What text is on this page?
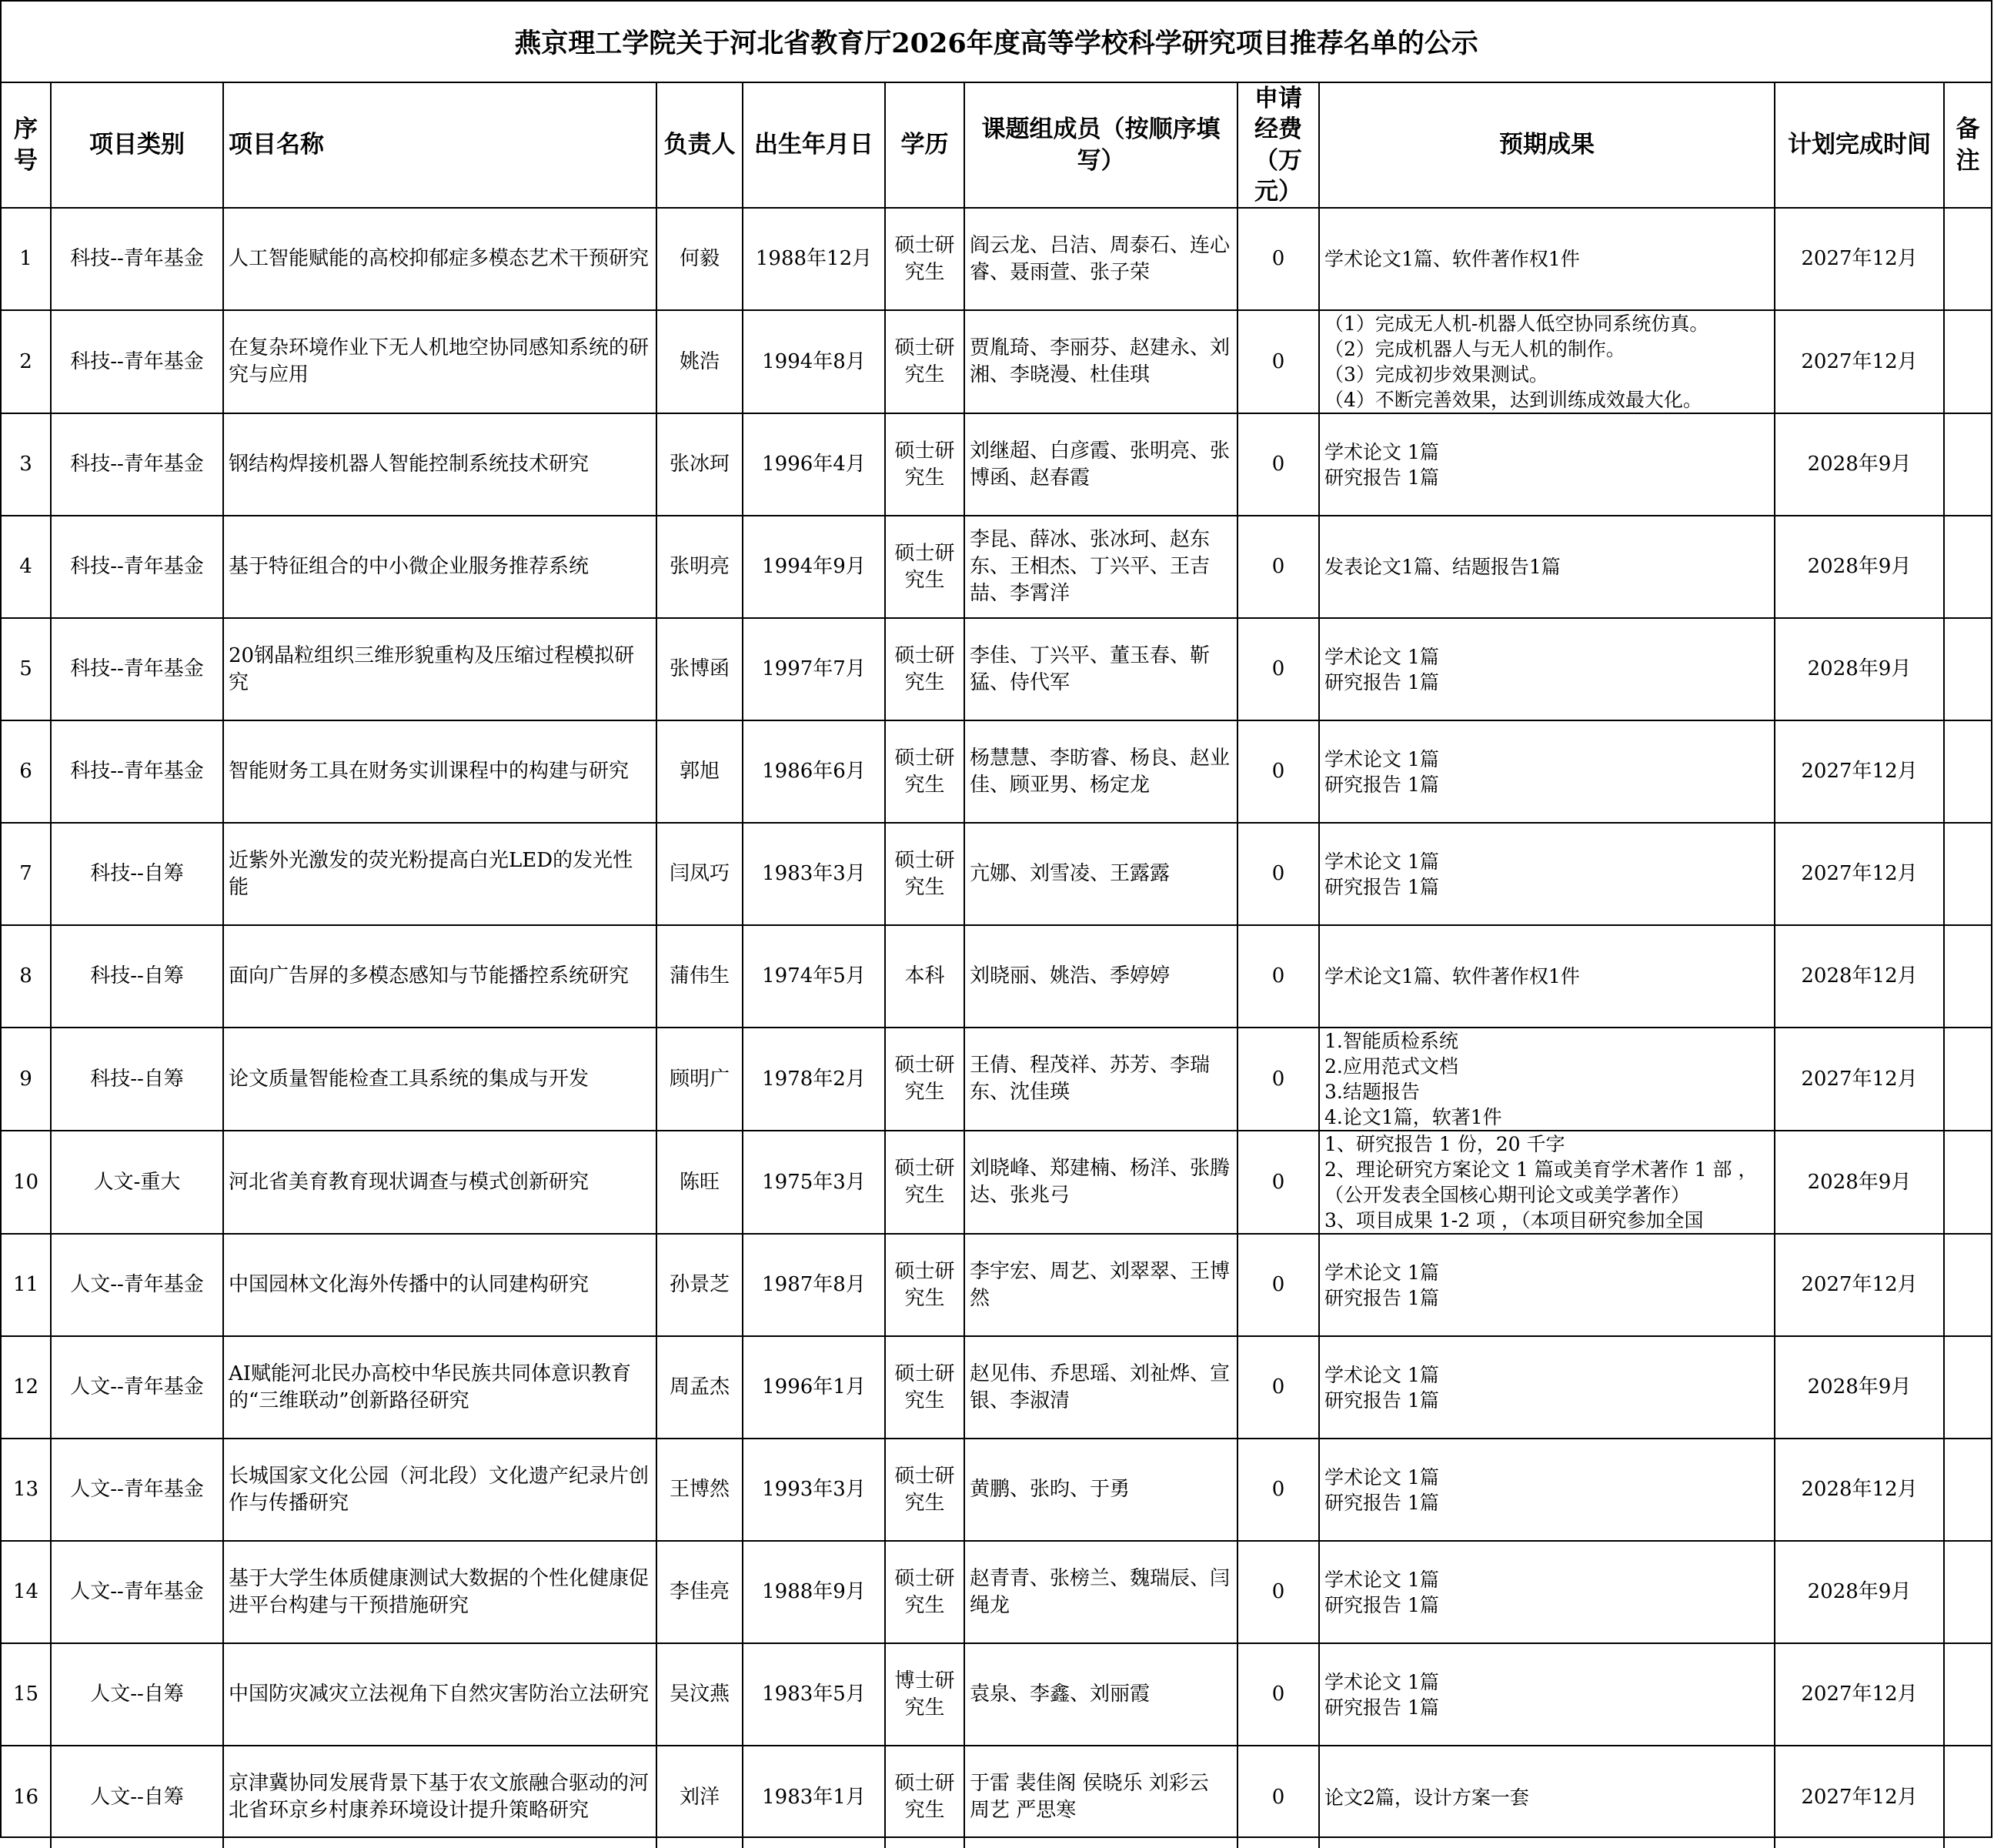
燕京理工学院关于河北省教育厅2026年度高等学校科学研究项目推荐名单的公示
序号	项目类别	项目名称	负责人	出生年月日	学历	课题组成员（按顺序填写）	申请经费（万元）	预期成果	计划完成时间	备注
1	科技--青年基金	人工智能赋能的高校抑郁症多模态艺术干预研究	何毅	1988年12月	硕士研究生	阎云龙、吕洁、周泰石、连心睿、聂雨萱、张子荣	0	学术论文1篇、软件著作权1件	2027年12月	
2	科技--青年基金	在复杂环境作业下无人机地空协同感知系统的研究与应用	姚浩	1994年8月	硕士研究生	贾胤琦、李丽芬、赵建永、刘湘、李晓漫、杜佳琪	0	（1）完成无人机-机器人低空协同系统仿真。
（2）完成机器人与无人机的制作。
（3）完成初步效果测试。
（4）不断完善效果，达到训练成效最大化。	2027年12月	
3	科技--青年基金	钢结构焊接机器人智能控制系统技术研究	张冰珂	1996年4月	硕士研究生	刘继超、白彦霞、张明亮、张博函、赵春霞	0	学术论文 1篇
研究报告 1篇	2028年9月	
4	科技--青年基金	基于特征组合的中小微企业服务推荐系统	张明亮	1994年9月	硕士研究生	李昆、薛冰、张冰珂、赵东东、王相杰、丁兴平、王吉喆、李霄洋	0	发表论文1篇、结题报告1篇	2028年9月	
5	科技--青年基金	20钢晶粒组织三维形貌重构及压缩过程模拟研究	张博函	1997年7月	硕士研究生	李佳、丁兴平、董玉春、靳猛、侍代军	0	学术论文 1篇
研究报告 1篇	2028年9月	
6	科技--青年基金	智能财务工具在财务实训课程中的构建与研究	郭旭	1986年6月	硕士研究生	杨慧慧、李昉睿、杨良、赵业佳、顾亚男、杨定龙	0	学术论文 1篇
研究报告 1篇	2027年12月	
7	科技--自筹	近紫外光激发的荧光粉提高白光LED的发光性能	闫凤巧	1983年3月	硕士研究生	亢娜、刘雪凌、王露露	0	学术论文 1篇
研究报告 1篇	2027年12月	
8	科技--自筹	面向广告屏的多模态感知与节能播控系统研究	蒲伟生	1974年5月	本科	刘晓丽、姚浩、季婷婷	0	学术论文1篇、软件著作权1件	2028年12月	
9	科技--自筹	论文质量智能检查工具系统的集成与开发	顾明广	1978年2月	硕士研究生	王倩、程茂祥、苏芳、李瑞东、沈佳瑛	0	1.智能质检系统
2.应用范式文档
3.结题报告
4.论文1篇，软著1件	2027年12月	
10	人文-重大	河北省美育教育现状调查与模式创新研究	陈旺	1975年3月	硕士研究生	刘晓峰、郑建楠、杨洋、张腾达、张兆弓	0	1、研究报告 1 份，20 千字
2、理论研究方案论文 1 篇或美育学术著作 1 部 ，（公开发表全国核心期刊论文或美学著作）
3、项目成果 1-2 项 ，（本项目研究参加全国	2028年9月	
11	人文--青年基金	中国园林文化海外传播中的认同建构研究	孙景芝	1987年8月	硕士研究生	李宇宏、周艺、刘翠翠、王博然	0	学术论文 1篇
研究报告 1篇	2027年12月	
12	人文--青年基金	AI赋能河北民办高校中华民族共同体意识教育的“三维联动”创新路径研究	周孟杰	1996年1月	硕士研究生	赵见伟、乔思瑶、刘祉烨、宣银、李淑清	0	学术论文 1篇
研究报告 1篇	2028年9月	
13	人文--青年基金	长城国家文化公园（河北段）文化遗产纪录片创作与传播研究	王博然	1993年3月	硕士研究生	黄鹏、张昀、于勇	0	学术论文 1篇
研究报告 1篇	2028年12月	
14	人文--青年基金	基于大学生体质健康测试大数据的个性化健康促进平台构建与干预措施研究	李佳亮	1988年9月	硕士研究生	赵青青、张榜兰、魏瑞辰、闫绳龙	0	学术论文 1篇
研究报告 1篇	2028年9月	
15	人文--自筹	中国防灾减灾立法视角下自然灾害防治立法研究	吴汶燕	1983年5月	博士研究生	袁泉、李鑫、刘丽霞	0	学术论文 1篇
研究报告 1篇	2027年12月	
16	人文--自筹	京津冀协同发展背景下基于农文旅融合驱动的河北省环京乡村康养环境设计提升策略研究	刘洋	1983年1月	硕士研究生	于雷 裴佳阁 侯晓乐 刘彩云 周艺 严思寒	0	论文2篇，设计方案一套	2027年12月	
